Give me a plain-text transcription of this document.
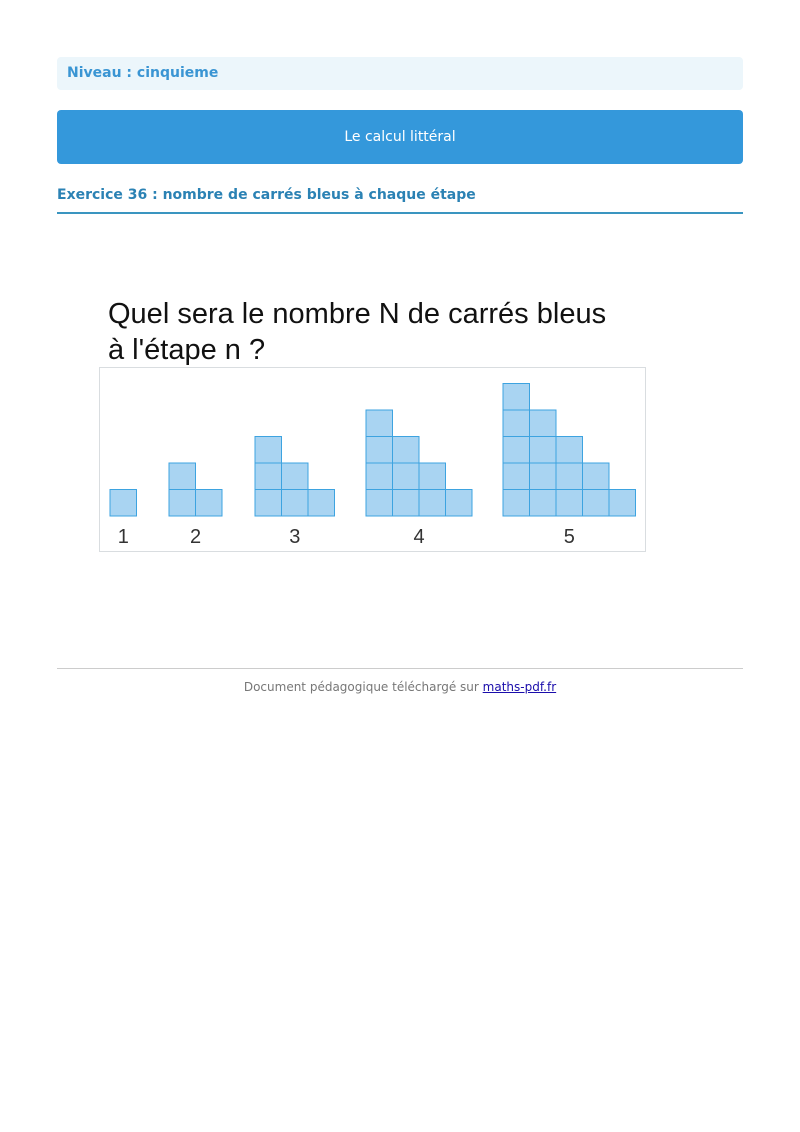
Niveau : cinquieme
Le calcul littéral
Exercice 36 : nombre de carrés bleus à chaque étape

Quel sera le nombre N de carrés bleus
à l'étape n ?

1	2	3	4	5
Document pédagogique téléchargé sur maths-pdf.fr
